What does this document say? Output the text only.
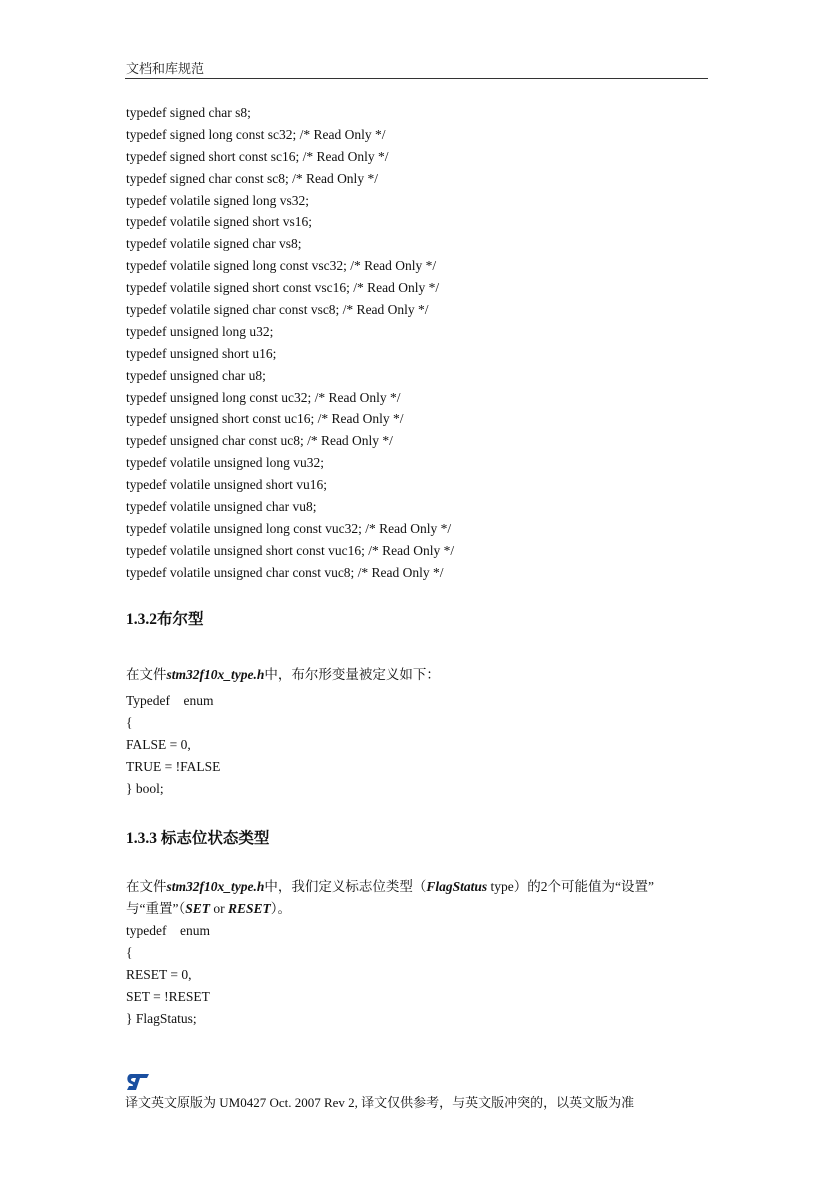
文档和库规范
typedef signed char s8;
typedef signed long const sc32; /* Read Only */
typedef signed short const sc16; /* Read Only */
typedef signed char const sc8; /* Read Only */
typedef volatile signed long vs32;
typedef volatile signed short vs16;
typedef volatile signed char vs8;
typedef volatile signed long const vsc32; /* Read Only */
typedef volatile signed short const vsc16; /* Read Only */
typedef volatile signed char const vsc8; /* Read Only */
typedef unsigned long u32;
typedef unsigned short u16;
typedef unsigned char u8;
typedef unsigned long const uc32; /* Read Only */
typedef unsigned short const uc16; /* Read Only */
typedef unsigned char const uc8; /* Read Only */
typedef volatile unsigned long vu32;
typedef volatile unsigned short vu16;
typedef volatile unsigned char vu8;
typedef volatile unsigned long const vuc32; /* Read Only */
typedef volatile unsigned short const vuc16; /* Read Only */
typedef volatile unsigned char const vuc8; /* Read Only */
1.3.2布尔型
在文件stm32f10x_type.h中，布尔形变量被定义如下：
Typedef    enum
{
FALSE = 0,
TRUE = !FALSE
} bool;
1.3.3 标志位状态类型
在文件stm32f10x_type.h中，我们定义标志位类型（FlagStatus type）的2个可能值为“设置”
与“重置”（SET or RESET）。
typedef    enum
{
RESET = 0,
SET = !RESET
} FlagStatus;
译文英文原版为 UM0427 Oct. 2007 Rev 2, 译文仅供参考，与英文版冲突的，以英文版为准
